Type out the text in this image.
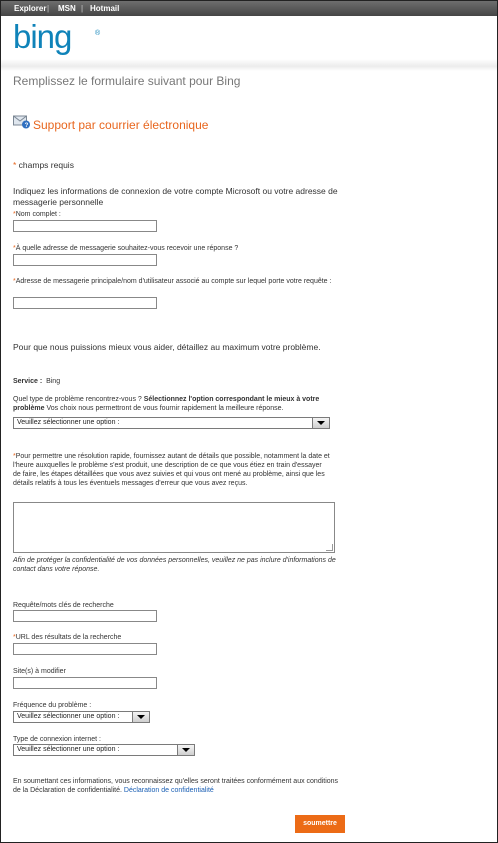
Explorer | MSN | Hotmail
bing	®
Remplissez le formulaire suivant pour Bing
? Support par courrier électronique
* champs requis
Indiquez les informations de connexion de votre compte Microsoft ou votre adresse de messagerie personnelle
*Nom complet :
*À quelle adresse de messagerie souhaitez-vous recevoir une réponse ?
*Adresse de messagerie principale/nom d'utilisateur associé au compte sur lequel porte votre requête :
Pour que nous puissions mieux vous aider, détaillez au maximum votre problème.
Service : Bing
Quel type de problème rencontrez-vous ? Sélectionnez l'option correspondant le mieux à votre problème Vos choix nous permettront de vous fournir rapidement la meilleure réponse.
Veuillez sélectionner une option :
*Pour permettre une résolution rapide, fournissez autant de détails que possible, notamment la date et l'heure auxquelles le problème s'est produit, une description de ce que vous étiez en train d'essayer de faire, les étapes détaillées que vous avez suivies et qui vous ont mené au problème, ainsi que les détails relatifs à tous les éventuels messages d'erreur que vous avez reçus.
Afin de protéger la confidentialité de vos données personnelles, veuillez ne pas inclure d'informations de contact dans votre réponse.
Requête/mots clés de recherche
*URL des résultats de la recherche
Site(s) à modifier
Fréquence du problème :
Veuillez sélectionner une option :
Type de connexion internet :
Veuillez sélectionner une option :
En soumettant ces informations, vous reconnaissez qu'elles seront traitées conformément aux conditions de la Déclaration de confidentialité. Déclaration de confidentialité
soumettre
